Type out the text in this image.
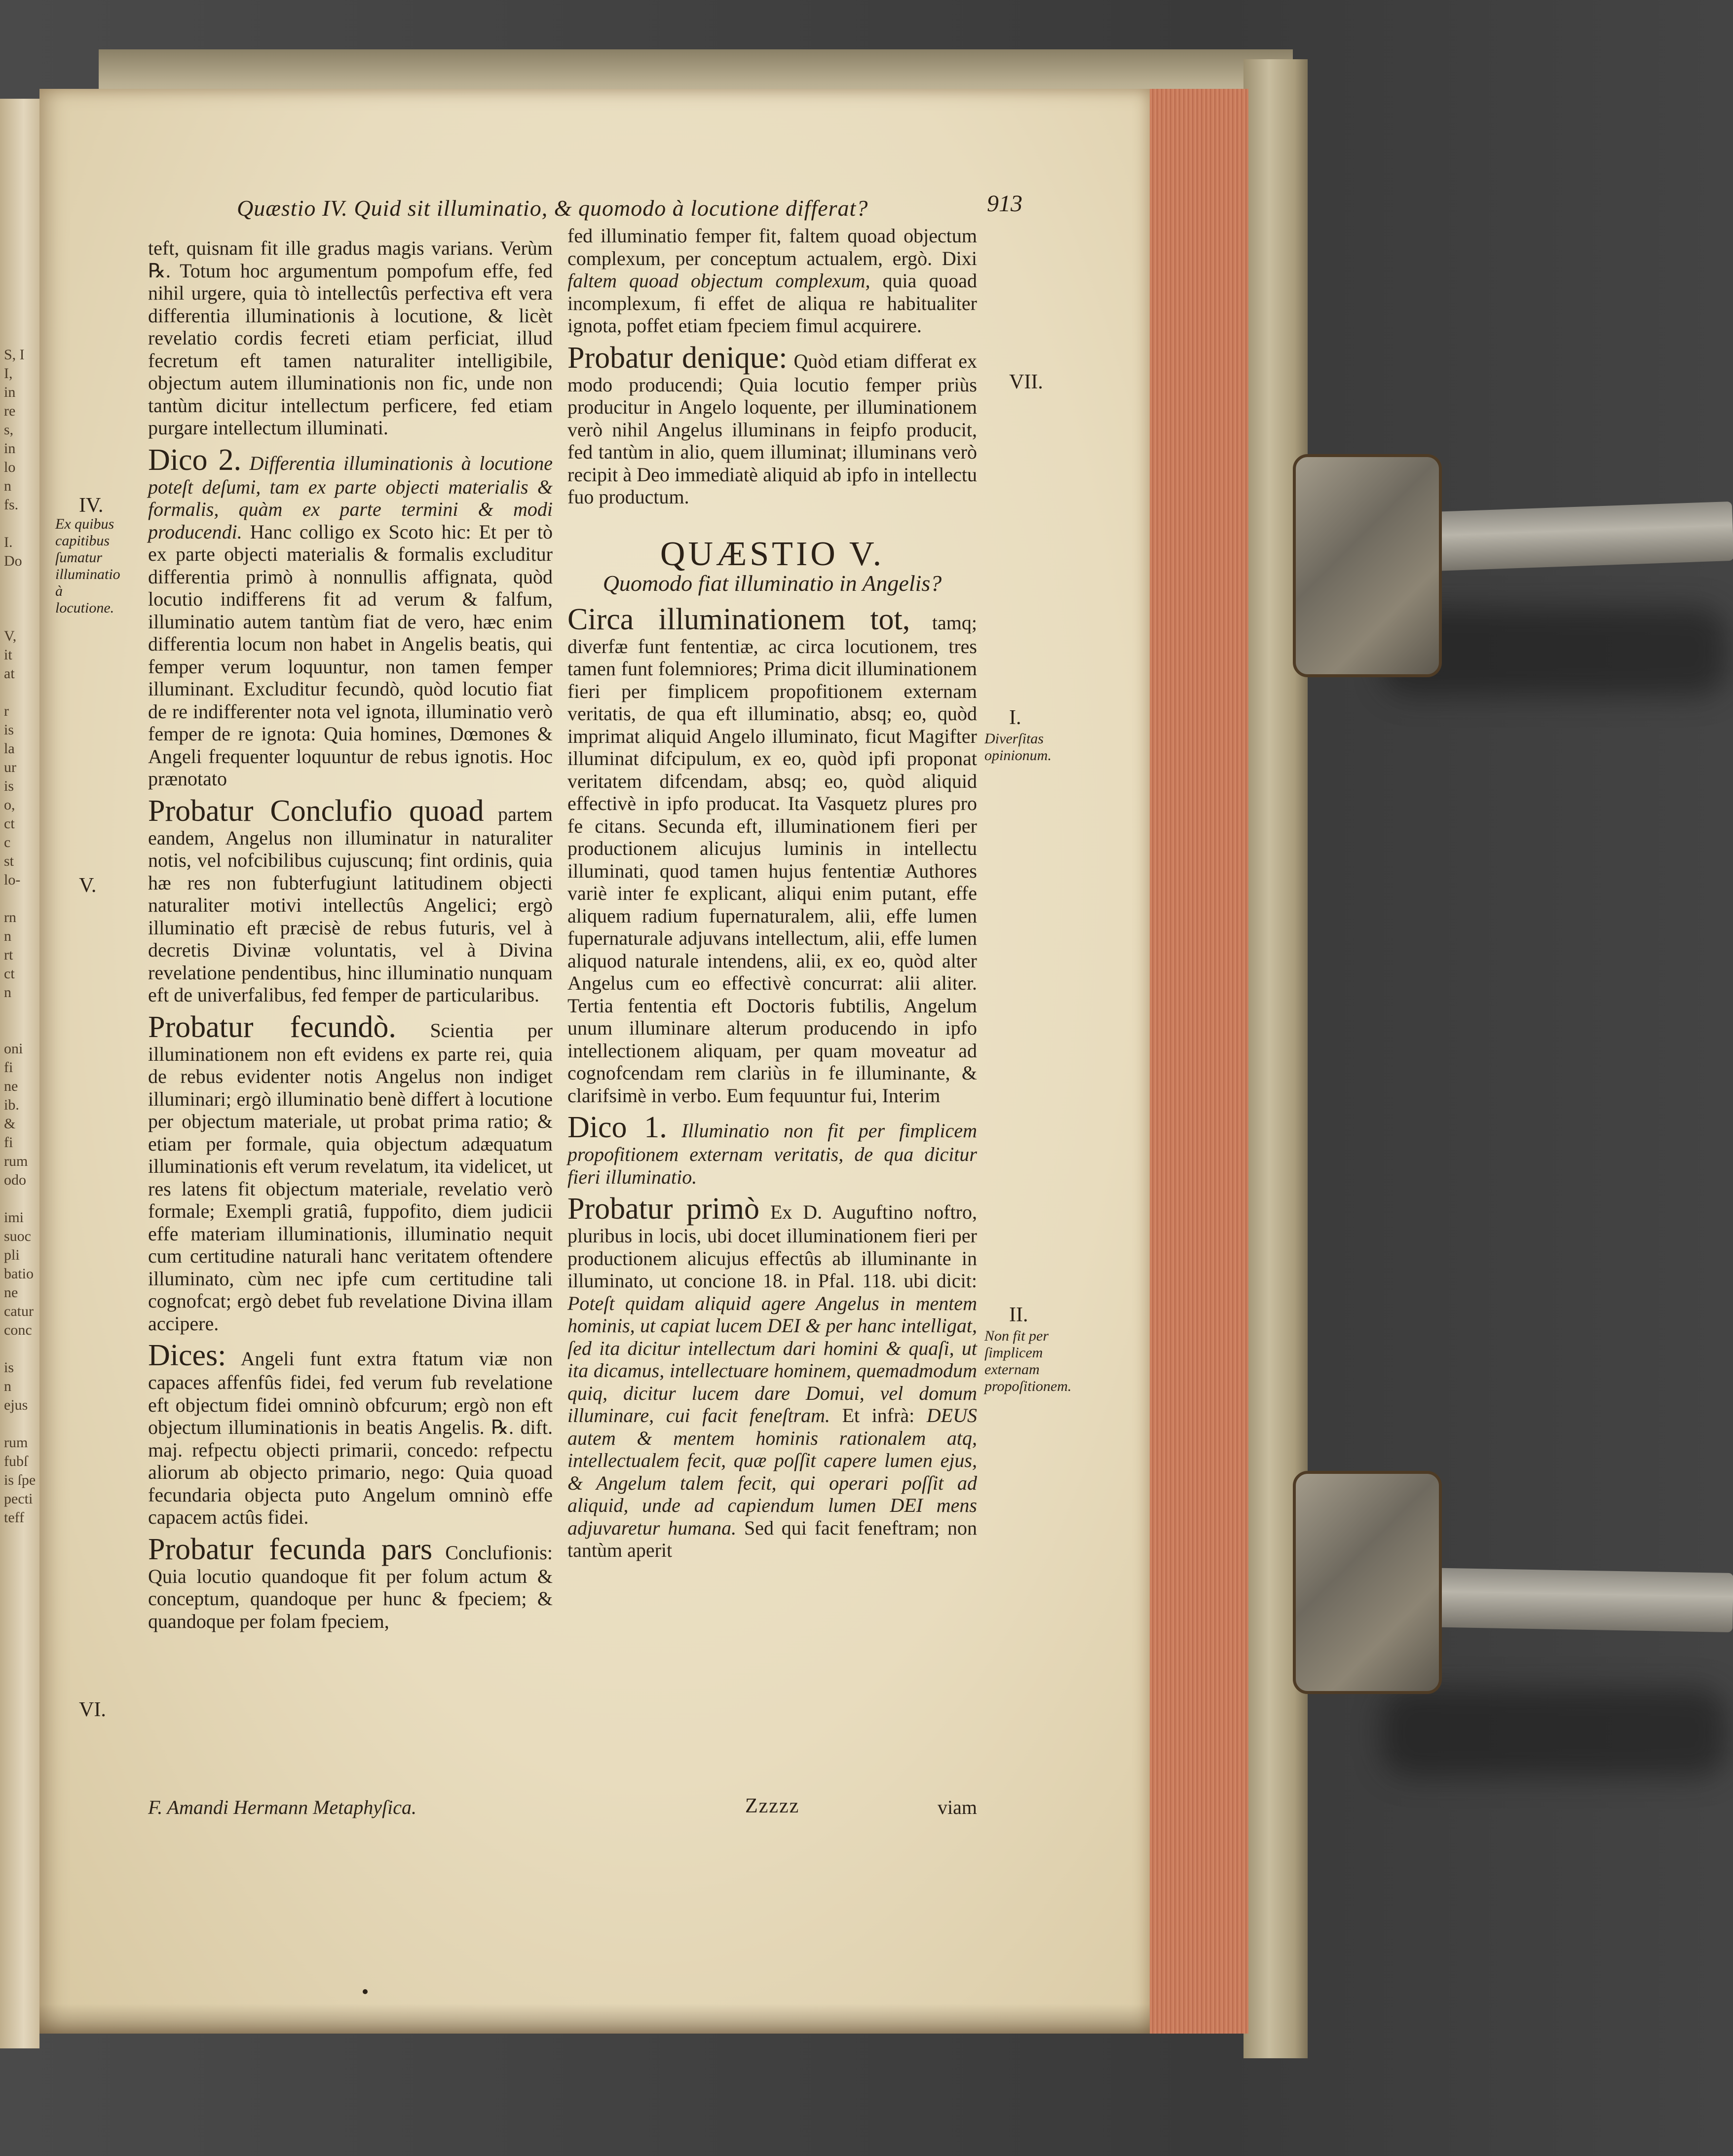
S, I
I,
in
re
s,
in
lo
n
fs.

I.
Do

V,
it
at

r
is
la
ur
is
o,
ct
c
st
lo-

rn
n
rt
ct
n

oni
fi
ne
ib.
&
fi
rum
odo

imi
suoc
pli
batio
ne
catur
conc

is
n ejus

rum
fubſ
is ſpe
pecti
teff
Quæstio IV. Quid sit illuminatio, & quomodo à locutione differat?	913

teft, quisnam fit ille gradus magis varians. Verùm ℞. Totum hoc argumentum pompofum effe, fed nihil urgere, quia tò intellectûs perfectiva eft vera differentia illuminationis à locutione, & licèt revelatio cordis fecreti etiam perficiat, illud fecretum eft tamen naturaliter intelligibile, objectum autem illuminationis non fic, unde non tantùm dicitur intellectum perficere, fed etiam purgare intellectum illuminati.

Dico 2. Differentia illuminationis à locutione poteſt deſumi, tam ex parte objecti materialis & formalis, quàm ex parte termini & modi producendi. Hanc colligo ex Scoto hic: Et per tò ex parte objecti materialis & formalis excluditur differentia primò à nonnullis affignata, quòd locutio indifferens fit ad verum & falfum, illuminatio autem tantùm fiat de vero, hæc enim differentia locum non habet in Angelis beatis, qui femper verum loquuntur, non tamen femper illuminant. Excluditur fecundò, quòd locutio fiat de re indifferenter nota vel ignota, illuminatio verò femper de re ignota: Quia homines, Dœmones & Angeli frequenter loquuntur de rebus ignotis. Hoc prænotato

Probatur Conclufio quoad partem eandem, Angelus non illuminatur in naturaliter notis, vel nofcibilibus cujuscunq; fint ordinis, quia hæ res non fubterfugiunt latitudinem objecti naturaliter motivi intellectûs Angelici; ergò illuminatio eft præcisè de rebus futuris, vel à decretis Divinæ voluntatis, vel à Divina revelatione pendentibus, hinc illuminatio nunquam eft de univerfalibus, fed femper de particularibus.

Probatur fecundò. Scientia per illuminationem non eft evidens ex parte rei, quia de rebus evidenter notis Angelus non indiget illuminari; ergò illuminatio benè differt à locutione per objectum materiale, ut probat prima ratio; & etiam per formale, quia objectum adæquatum illuminationis eft verum revelatum, ita videlicet, ut res latens fit objectum materiale, revelatio verò formale; Exempli gratiâ, fuppofito, diem judicii effe materiam illuminationis, illuminatio nequit cum certitudine naturali hanc veritatem oftendere illuminato, cùm nec ipfe cum certitudine tali cognofcat; ergò debet fub revelatione Divina illam accipere.

Dices: Angeli funt extra ftatum viæ non capaces affenfûs fidei, fed verum fub revelatione eft objectum fidei omninò obfcurum; ergò non eft objectum illuminationis in beatis Angelis. ℞. dift. maj. refpectu objecti primarii, concedo: refpectu aliorum ab objecto primario, nego: Quia quoad fecundaria objecta puto Angelum omninò effe capacem actûs fidei.

Probatur fecunda pars Conclufionis: Quia locutio quandoque fit per folum actum & conceptum, quandoque per hunc & fpeciem; & quandoque per folam fpeciem,

fed illuminatio femper fit, faltem quoad objectum complexum, per conceptum actualem, ergò. Dixi faltem quoad objectum complexum, quia quoad incomplexum, fi effet de aliqua re habitualiter ignota, poffet etiam fpeciem fimul acquirere.

Probatur denique: Quòd etiam differat ex modo producendi; Quia locutio femper priùs producitur in Angelo loquente, per illuminationem verò nihil Angelus illuminans in feipfo producit, fed tantùm in alio, quem illuminat; illuminans verò recipit à Deo immediatè aliquid ab ipfo in intellectu fuo productum.

QUÆSTIO V.
Quomodo fiat illuminatio in Angelis?

Circa illuminationem tot, tamq; diverfæ funt fententiæ, ac circa locutionem, tres tamen funt folemniores; Prima dicit illuminationem fieri per fimplicem propofitionem externam veritatis, de qua eft illuminatio, absq; eo, quòd imprimat aliquid Angelo illuminato, ficut Magifter illuminat difcipulum, ex eo, quòd ipfi proponat veritatem difcendam, absq; eo, quòd aliquid effectivè in ipfo producat. Ita Vasquetz plures pro fe citans. Secunda eft, illuminationem fieri per productionem alicujus luminis in intellectu illuminati, quod tamen hujus fententiæ Authores variè inter fe explicant, aliqui enim putant, effe aliquem radium fupernaturalem, alii, effe lumen fupernaturale adjuvans intellectum, alii, effe lumen aliquod naturale intendens, alii, ex eo, quòd alter Angelus cum eo effectivè concurrat: alii aliter. Tertia fententia eft Doctoris fubtilis, Angelum unum illuminare alterum producendo in ipfo intellectionem aliquam, per quam moveatur ad cognofcendam rem clariùs in fe illuminante, & clarifsimè in verbo. Eum fequuntur fui, Interim

Dico 1. Illuminatio non fit per fimplicem propofitionem externam veritatis, de qua dicitur fieri illuminatio.

Probatur primò Ex D. Auguftino noftro, pluribus in locis, ubi docet illuminationem fieri per productionem alicujus effectûs ab illuminante in illuminato, ut concione 18. in Pfal. 118. ubi dicit: Poteſt quidam aliquid agere Angelus in mentem hominis, ut capiat lucem DEI & per hanc intelligat, ſed ita dicitur intellectum dari homini & quaſi, ut ita dicamus, intellectuare hominem, quemadmodum quiq, dicitur lucem dare Domui, vel domum illuminare, cui facit feneſtram. Et infrà: DEUS autem & mentem hominis rationalem atq, intellectualem fecit, quæ poſſit capere lumen ejus, & Angelum talem fecit, qui operari poſſit ad aliquid, unde ad capiendum lumen DEI mens adjuvaretur humana. Sed qui facit feneftram; non tantùm aperit

IV.
Ex quibus capitibus ſumatur illuminatio à locutione.
V.
VI.
VII.
I.
Diverſitas opinionum.
II.
Non fit per ſimplicem externam propoſitionem.
F. Amandi Hermann Metaphyſica.	Zzzzz	viam
